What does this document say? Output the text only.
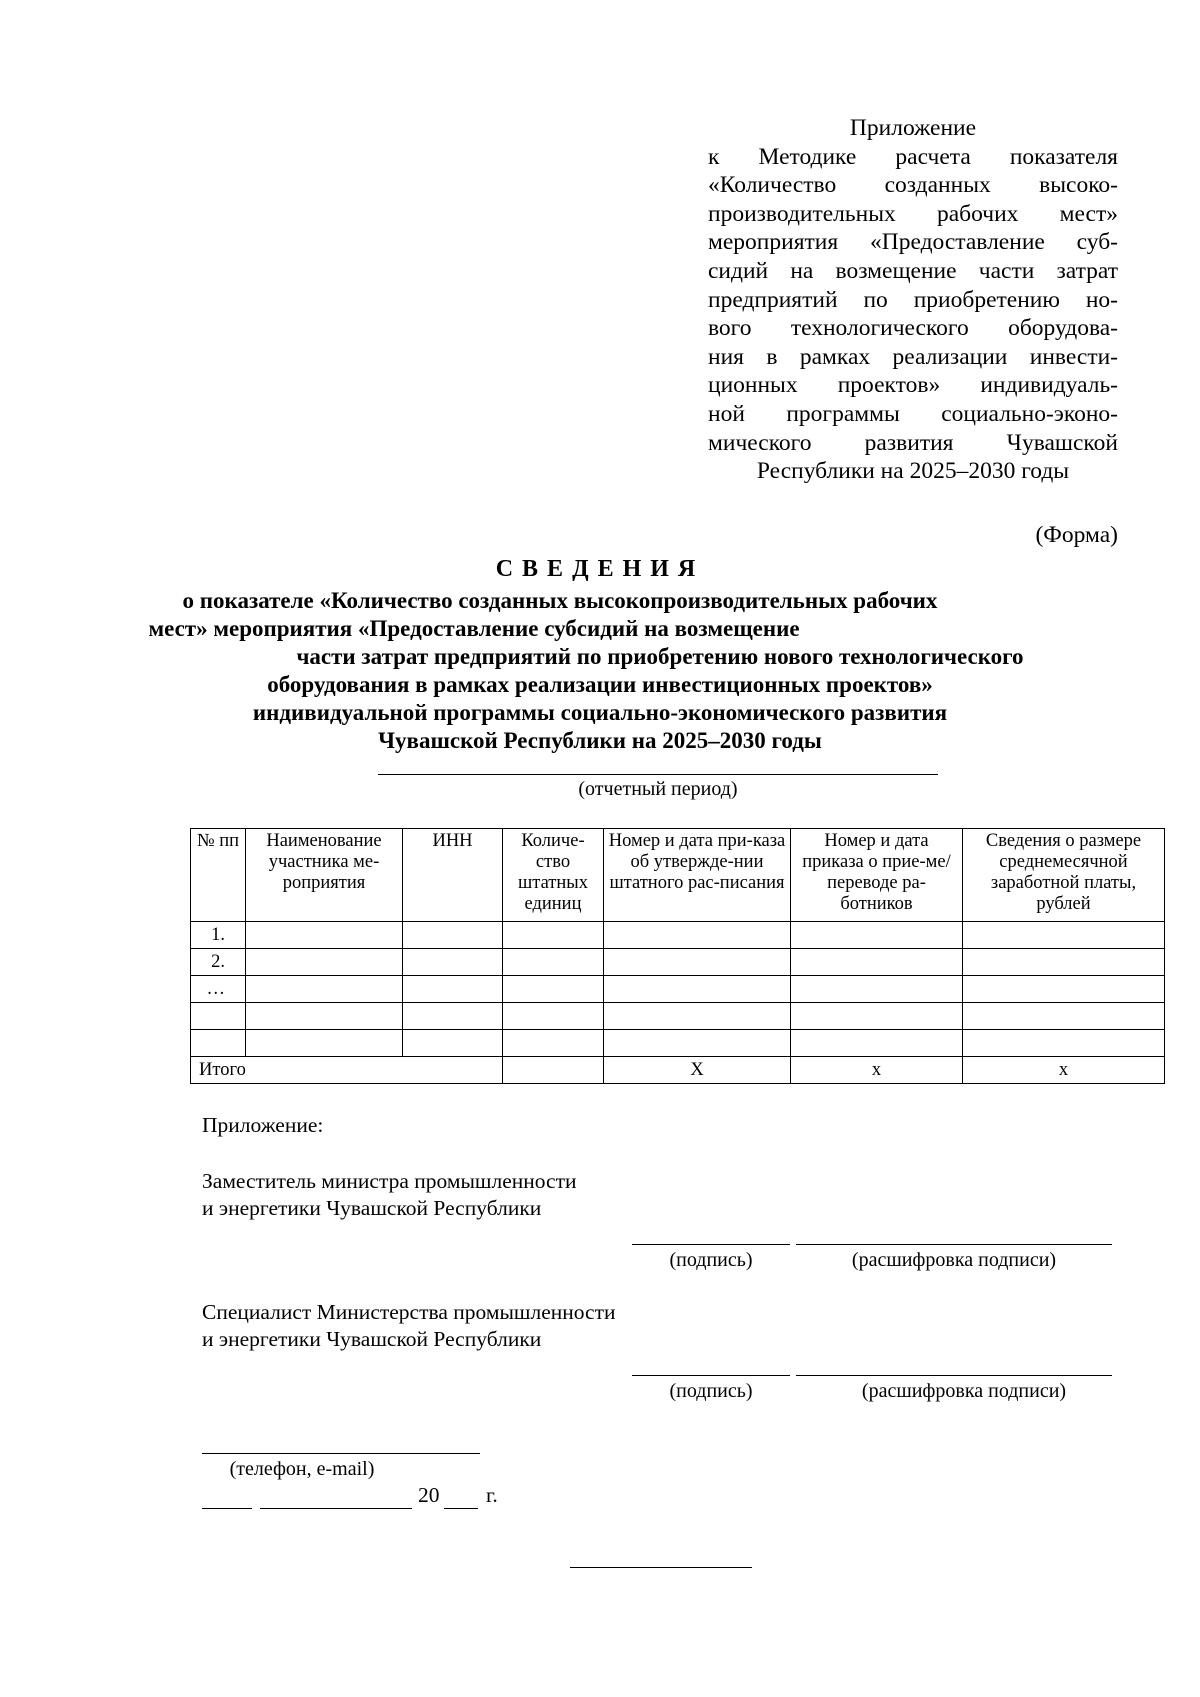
Приложение
к Методике расчета показателя
«Количество созданных высоко-
производительных рабочих мест»
мероприятия «Предоставление суб-
сидий на возмещение части затрат
предприятий по приобретению но-
вого технологического оборудова-
ния в рамках реализации инвести-
ционных проектов» индивидуаль-
ной программы социально-эконо-
мического развития Чувашской
Республики на 2025–2030 годы
(Форма)
СВЕДЕНИЯ
о показателе «Количество созданных высокопроизводительных рабочих
мест» мероприятия «Предоставление субсидий на возмещение
части затрат предприятий по приобретению нового технологического
оборудования в рамках реализации инвестиционных проектов»
индивидуальной программы социально-экономического развития
Чувашской Республики на 2025–2030 годы
(отчетный период)
№ пп	Наименование участника ме-роприятия	ИНН	Количе-ство штатных единиц	Номер и дата при-каза об утвержде-нии штатного рас-писания	Номер и дата приказа о прие-ме/переводе ра-ботников	Сведения о размере среднемесячной заработной платы, рублей
1.						
2.						
…						

Итого				X	x	x
Приложение:
Заместитель министра промышленности
и энергетики Чувашской Республики
(подпись)	(расшифровка подписи)
Специалист Министерства промышленности
и энергетики Чувашской Республики
(подпись)	(расшифровка подписи)
(телефон, e-mail)
20 г.
